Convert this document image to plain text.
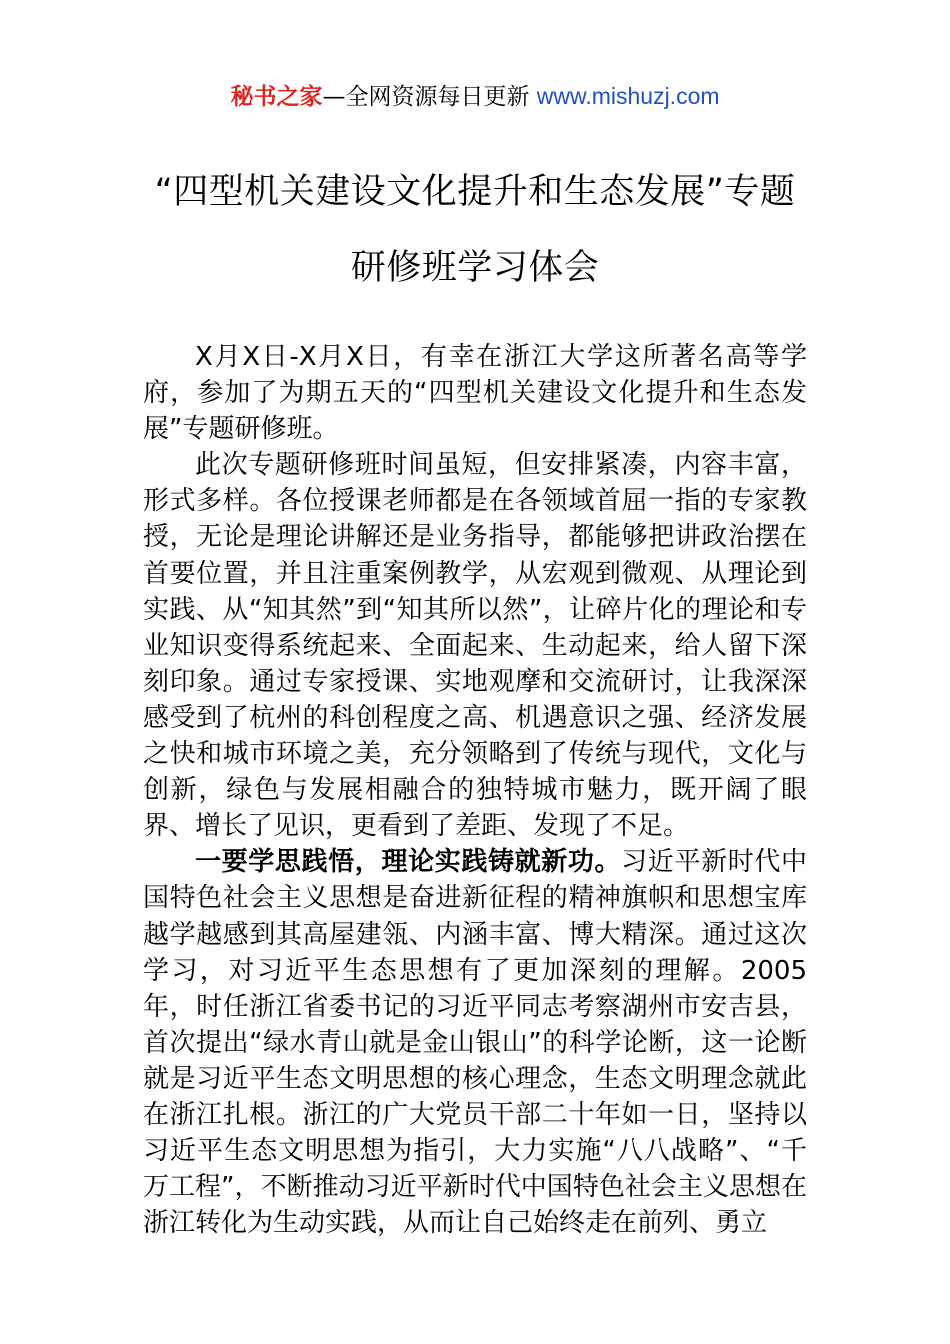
秘书之家—全网资源每日更新 www.mishuzj.com
“四型机关建设文化提升和生态发展”专题
研修班学习体会

X月X日-X月X日，有幸在浙江大学这所著名高等学府，参加了为期五天的“四型机关建设文化提升和生态发展”专题研修班。

此次专题研修班时间虽短，但安排紧凑，内容丰富，形式多样。各位授课老师都是在各领域首屈一指的专家教授，无论是理论讲解还是业务指导，都能够把讲政治摆在首要位置，并且注重案例教学，从宏观到微观、从理论到实践、从“知其然”到“知其所以然”，让碎片化的理论和专业知识变得系统起来、全面起来、生动起来，给人留下深刻印象。通过专家授课、实地观摩和交流研讨，让我深深感受到了杭州的科创程度之高、机遇意识之强、经济发展之快和城市环境之美，充分领略到了传统与现代，文化与创新，绿色与发展相融合的独特城市魅力，既开阔了眼界、增长了见识，更看到了差距、发现了不足。

一要学思践悟，理论实践铸就新功。习近平新时代中国特色社会主义思想是奋进新征程的精神旗帜和思想宝库越学越感到其高屋建瓴、内涵丰富、博大精深。通过这次学习，对习近平生态思想有了更加深刻的理解。2005年，时任浙江省委书记的习近平同志考察湖州市安吉县，首次提出“绿水青山就是金山银山”的科学论断，这一论断就是习近平生态文明思想的核心理念，生态文明理念就此在浙江扎根。浙江的广大党员干部二十年如一日，坚持以习近平生态文明思想为指引，大力实施“八八战略”、“千万工程”，不断推动习近平新时代中国特色社会主义思想在浙江转化为生动实践，从而让自己始终走在前列、勇立
